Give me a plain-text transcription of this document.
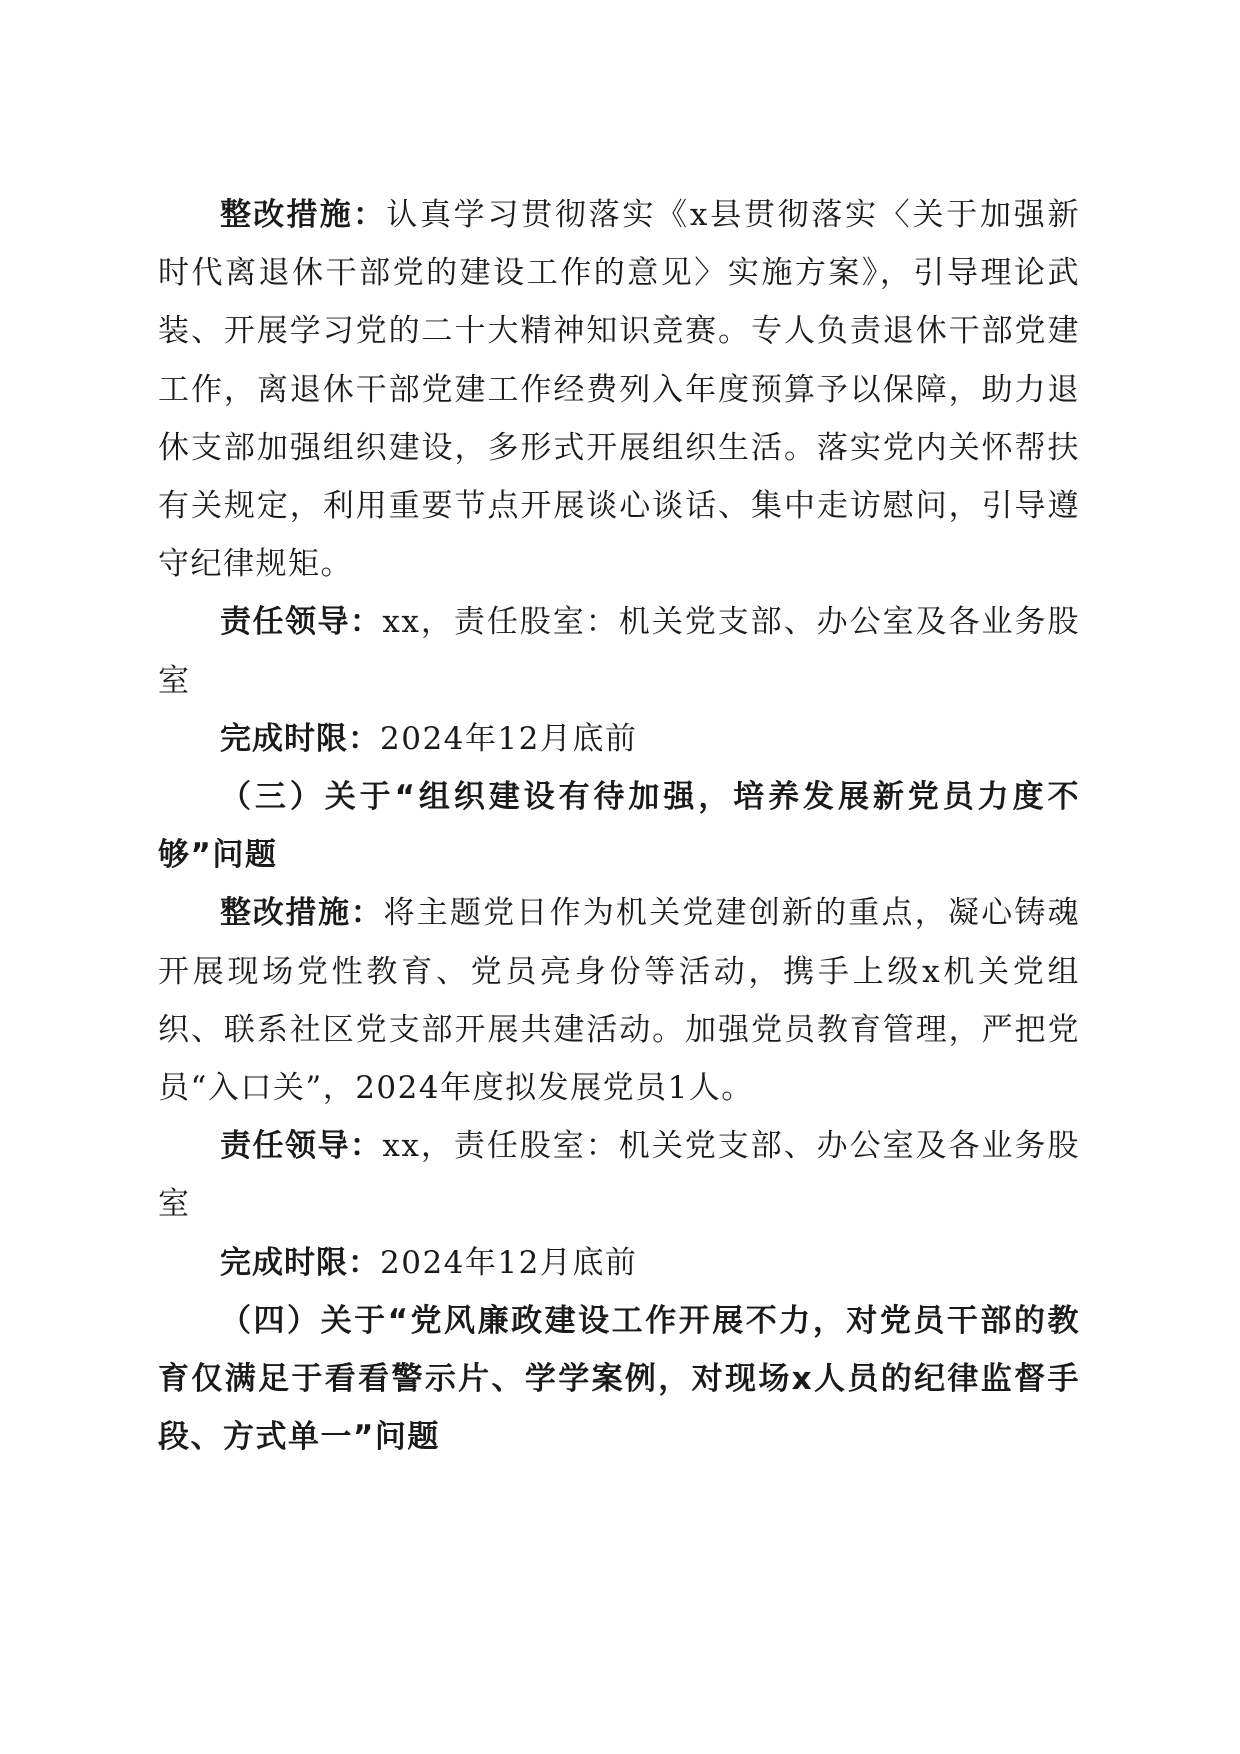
整改措施：认真学习贯彻落实《x县贯彻落实〈关于加强新时代离退休干部党的建设工作的意见〉实施方案》，引导理论武装、开展学习党的二十大精神知识竞赛。专人负责退休干部党建工作，离退休干部党建工作经费列入年度预算予以保障，助力退休支部加强组织建设，多形式开展组织生活。落实党内关怀帮扶有关规定，利用重要节点开展谈心谈话、集中走访慰问，引导遵守纪律规矩。

责任领导：xx，责任股室：机关党支部、办公室及各业务股室

完成时限：2024年12月底前

（三）关于“组织建设有待加强，培养发展新党员力度不够”问题

整改措施：将主题党日作为机关党建创新的重点，凝心铸魂开展现场党性教育、党员亮身份等活动，携手上级x机关党组织、联系社区党支部开展共建活动。加强党员教育管理，严把党员“入口关”，2024年度拟发展党员1人。

责任领导：xx，责任股室：机关党支部、办公室及各业务股室

完成时限：2024年12月底前

（四）关于“党风廉政建设工作开展不力，对党员干部的教育仅满足于看看警示片、学学案例，对现场x人员的纪律监督手段、方式单一”问题
